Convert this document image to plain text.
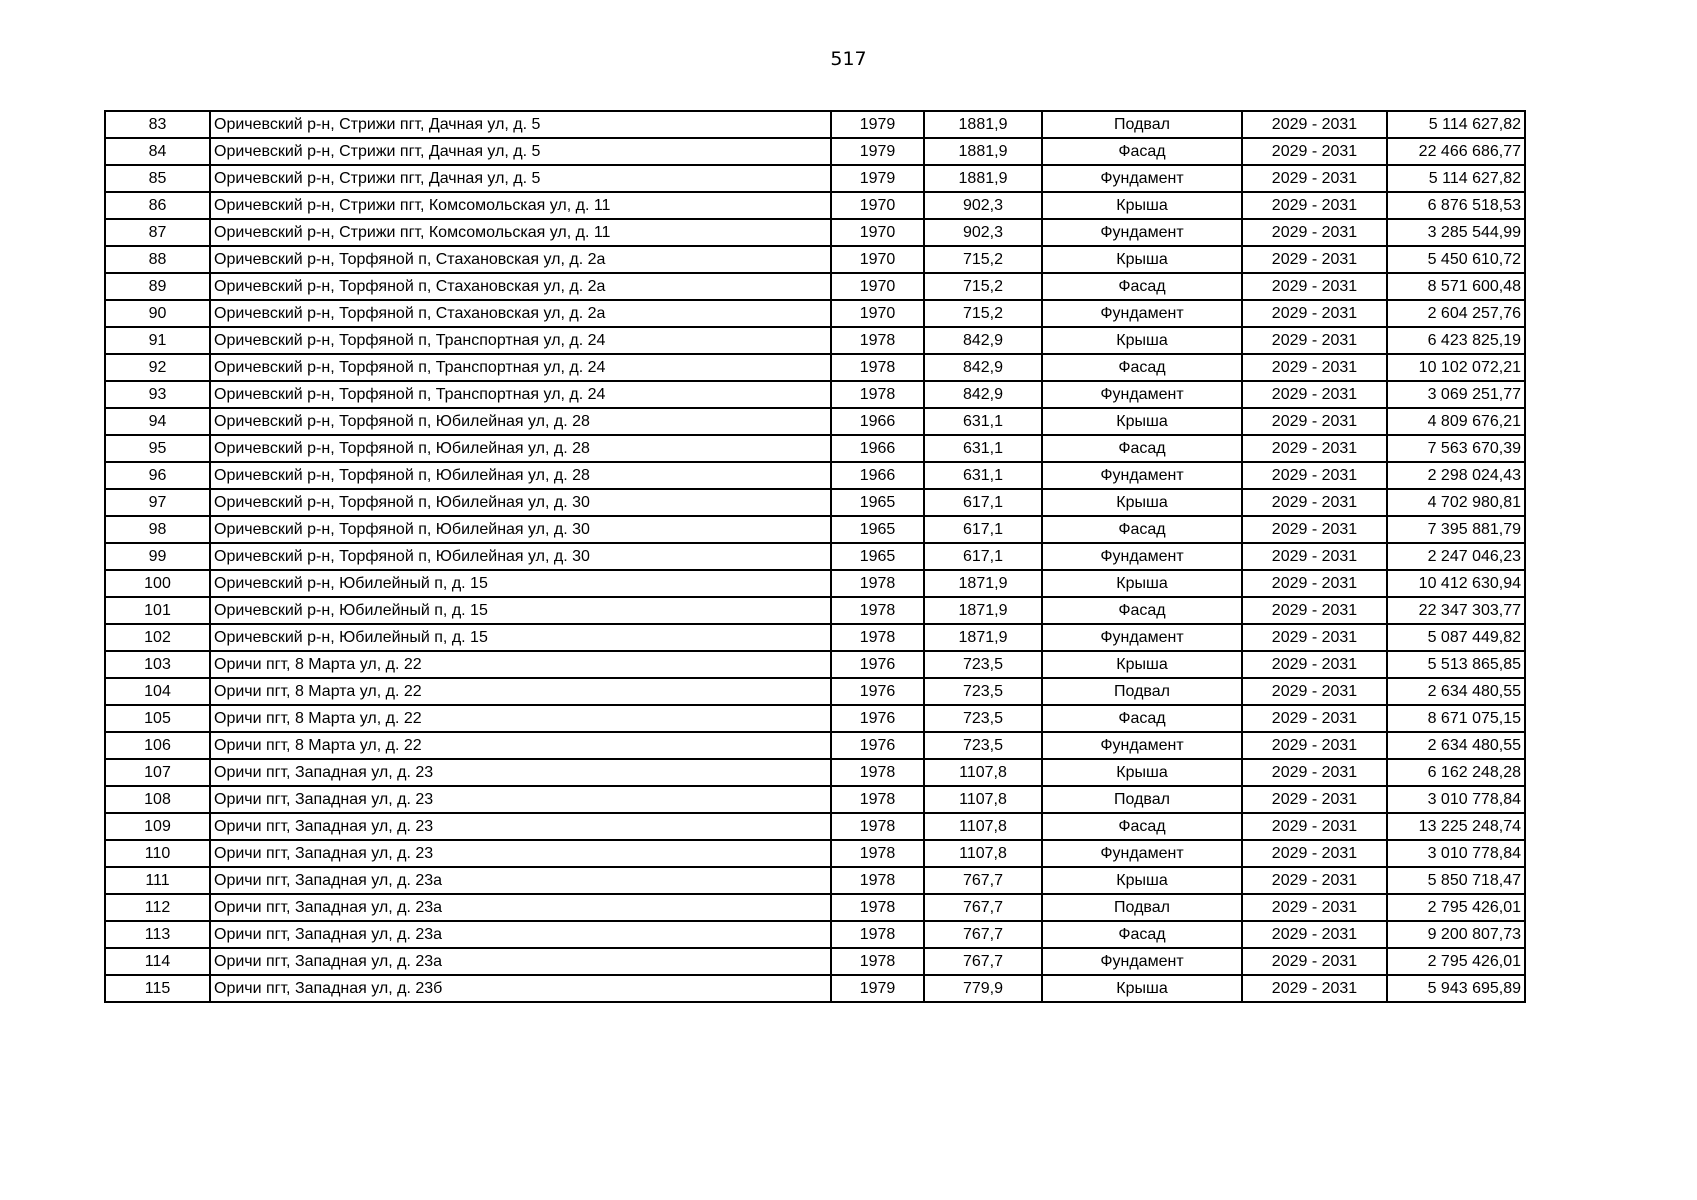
517
83	Оричевский р-н, Стрижи пгт, Дачная ул, д. 5	1979	1881,9	Подвал	2029 - 2031	5 114 627,82
84	Оричевский р-н, Стрижи пгт, Дачная ул, д. 5	1979	1881,9	Фасад	2029 - 2031	22 466 686,77
85	Оричевский р-н, Стрижи пгт, Дачная ул, д. 5	1979	1881,9	Фундамент	2029 - 2031	5 114 627,82
86	Оричевский р-н, Стрижи пгт, Комсомольская ул, д. 11	1970	902,3	Крыша	2029 - 2031	6 876 518,53
87	Оричевский р-н, Стрижи пгт, Комсомольская ул, д. 11	1970	902,3	Фундамент	2029 - 2031	3 285 544,99
88	Оричевский р-н, Торфяной п, Стахановская ул, д. 2а	1970	715,2	Крыша	2029 - 2031	5 450 610,72
89	Оричевский р-н, Торфяной п, Стахановская ул, д. 2а	1970	715,2	Фасад	2029 - 2031	8 571 600,48
90	Оричевский р-н, Торфяной п, Стахановская ул, д. 2а	1970	715,2	Фундамент	2029 - 2031	2 604 257,76
91	Оричевский р-н, Торфяной п, Транспортная ул, д. 24	1978	842,9	Крыша	2029 - 2031	6 423 825,19
92	Оричевский р-н, Торфяной п, Транспортная ул, д. 24	1978	842,9	Фасад	2029 - 2031	10 102 072,21
93	Оричевский р-н, Торфяной п, Транспортная ул, д. 24	1978	842,9	Фундамент	2029 - 2031	3 069 251,77
94	Оричевский р-н, Торфяной п, Юбилейная ул, д. 28	1966	631,1	Крыша	2029 - 2031	4 809 676,21
95	Оричевский р-н, Торфяной п, Юбилейная ул, д. 28	1966	631,1	Фасад	2029 - 2031	7 563 670,39
96	Оричевский р-н, Торфяной п, Юбилейная ул, д. 28	1966	631,1	Фундамент	2029 - 2031	2 298 024,43
97	Оричевский р-н, Торфяной п, Юбилейная ул, д. 30	1965	617,1	Крыша	2029 - 2031	4 702 980,81
98	Оричевский р-н, Торфяной п, Юбилейная ул, д. 30	1965	617,1	Фасад	2029 - 2031	7 395 881,79
99	Оричевский р-н, Торфяной п, Юбилейная ул, д. 30	1965	617,1	Фундамент	2029 - 2031	2 247 046,23
100	Оричевский р-н, Юбилейный п, д. 15	1978	1871,9	Крыша	2029 - 2031	10 412 630,94
101	Оричевский р-н, Юбилейный п, д. 15	1978	1871,9	Фасад	2029 - 2031	22 347 303,77
102	Оричевский р-н, Юбилейный п, д. 15	1978	1871,9	Фундамент	2029 - 2031	5 087 449,82
103	Оричи пгт, 8 Марта ул, д. 22	1976	723,5	Крыша	2029 - 2031	5 513 865,85
104	Оричи пгт, 8 Марта ул, д. 22	1976	723,5	Подвал	2029 - 2031	2 634 480,55
105	Оричи пгт, 8 Марта ул, д. 22	1976	723,5	Фасад	2029 - 2031	8 671 075,15
106	Оричи пгт, 8 Марта ул, д. 22	1976	723,5	Фундамент	2029 - 2031	2 634 480,55
107	Оричи пгт, Западная ул, д. 23	1978	1107,8	Крыша	2029 - 2031	6 162 248,28
108	Оричи пгт, Западная ул, д. 23	1978	1107,8	Подвал	2029 - 2031	3 010 778,84
109	Оричи пгт, Западная ул, д. 23	1978	1107,8	Фасад	2029 - 2031	13 225 248,74
110	Оричи пгт, Западная ул, д. 23	1978	1107,8	Фундамент	2029 - 2031	3 010 778,84
111	Оричи пгт, Западная ул, д. 23а	1978	767,7	Крыша	2029 - 2031	5 850 718,47
112	Оричи пгт, Западная ул, д. 23а	1978	767,7	Подвал	2029 - 2031	2 795 426,01
113	Оричи пгт, Западная ул, д. 23а	1978	767,7	Фасад	2029 - 2031	9 200 807,73
114	Оричи пгт, Западная ул, д. 23а	1978	767,7	Фундамент	2029 - 2031	2 795 426,01
115	Оричи пгт, Западная ул, д. 23б	1979	779,9	Крыша	2029 - 2031	5 943 695,89
